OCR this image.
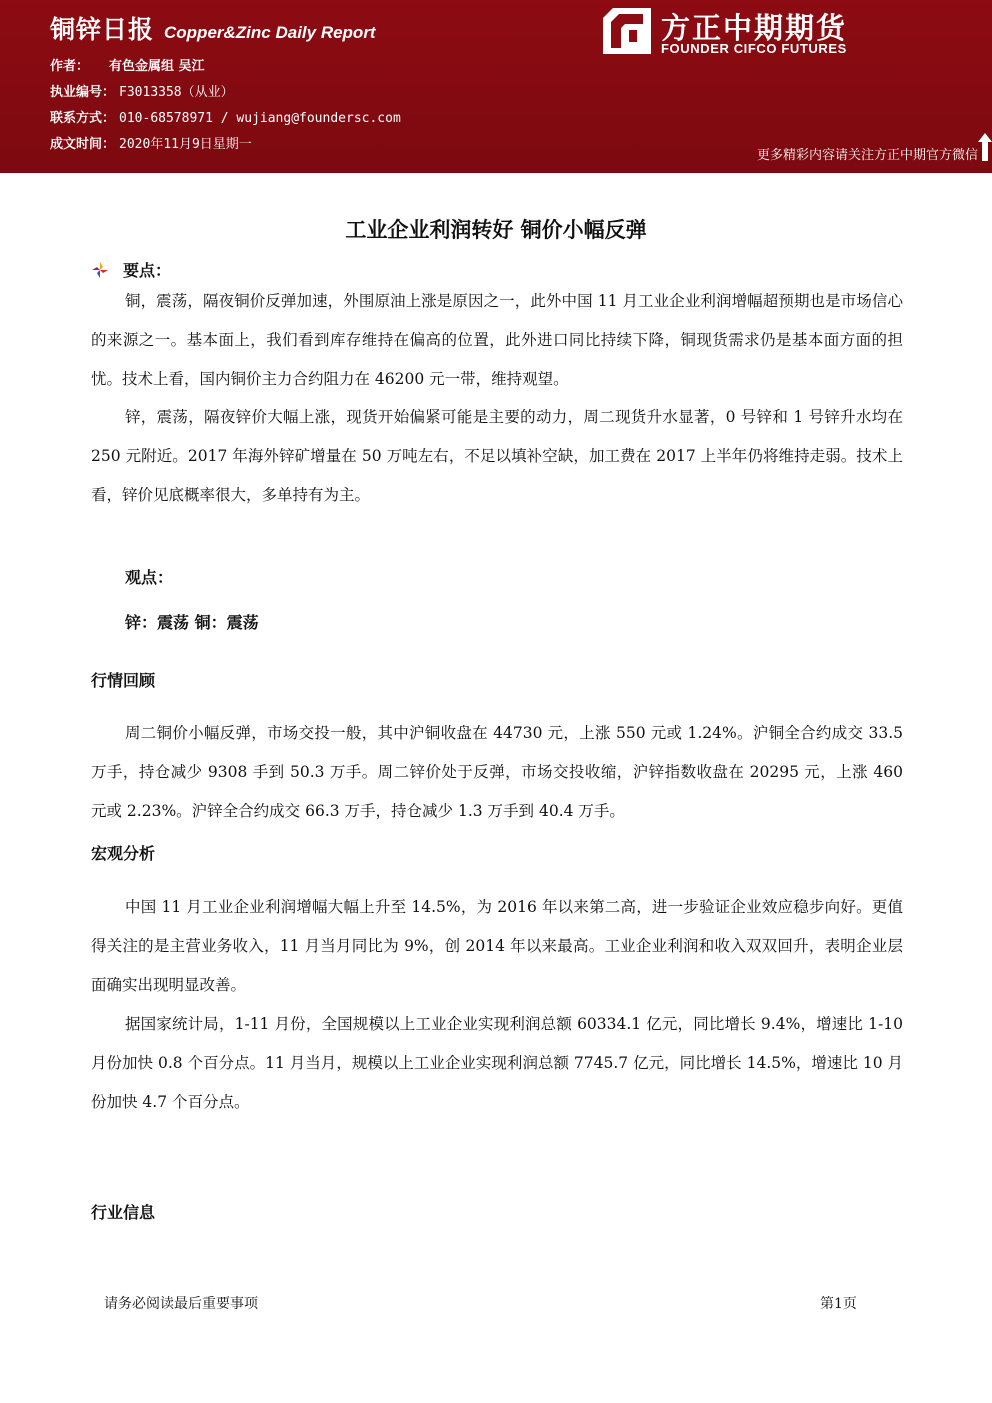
铜锌日报 Copper&Zinc Daily Report
作者： 有色金属组 吴江
执业编号： F3013358（从业）
联系方式： 010-68578971 / wujiang@foundersc.com
成文时间： 2020年11月9日星期一
方正中期期货
FOUNDER CIFCO FUTURES
更多精彩内容请关注方正中期官方微信
工业企业利润转好 铜价小幅反弹
要点：
铜，震荡，隔夜铜价反弹加速，外围原油上涨是原因之一，此外中国 11 月工业企业利润增幅超预期也是市场信心的来源之一。基本面上，我们看到库存维持在偏高的位置，此外进口同比持续下降，铜现货需求仍是基本面方面的担忧。技术上看，国内铜价主力合约阻力在 46200 元一带，维持观望。
锌，震荡，隔夜锌价大幅上涨，现货开始偏紧可能是主要的动力，周二现货升水显著，0 号锌和 1 号锌升水均在 250 元附近。2017 年海外锌矿增量在 50 万吨左右，不足以填补空缺，加工费在 2017 上半年仍将维持走弱。技术上看，锌价见底概率很大，多单持有为主。
观点：
锌：震荡 铜：震荡
行情回顾
周二铜价小幅反弹，市场交投一般，其中沪铜收盘在 44730 元，上涨 550 元或 1.24%。沪铜全合约成交 33.5 万手，持仓减少 9308 手到 50.3 万手。周二锌价处于反弹，市场交投收缩，沪锌指数收盘在 20295 元，上涨 460 元或 2.23%。沪锌全合约成交 66.3 万手，持仓减少 1.3 万手到 40.4 万手。
宏观分析
中国 11 月工业企业利润增幅大幅上升至 14.5%，为 2016 年以来第二高，进一步验证企业效应稳步向好。更值得关注的是主营业务收入，11 月当月同比为 9%，创 2014 年以来最高。工业企业利润和收入双双回升，表明企业层面确实出现明显改善。
据国家统计局，1-11 月份，全国规模以上工业企业实现利润总额 60334.1 亿元，同比增长 9.4%，增速比 1-10 月份加快 0.8 个百分点。11 月当月，规模以上工业企业实现利润总额 7745.7 亿元，同比增长 14.5%，增速比 10 月份加快 4.7 个百分点。
行业信息
请务必阅读最后重要事项	第1页
